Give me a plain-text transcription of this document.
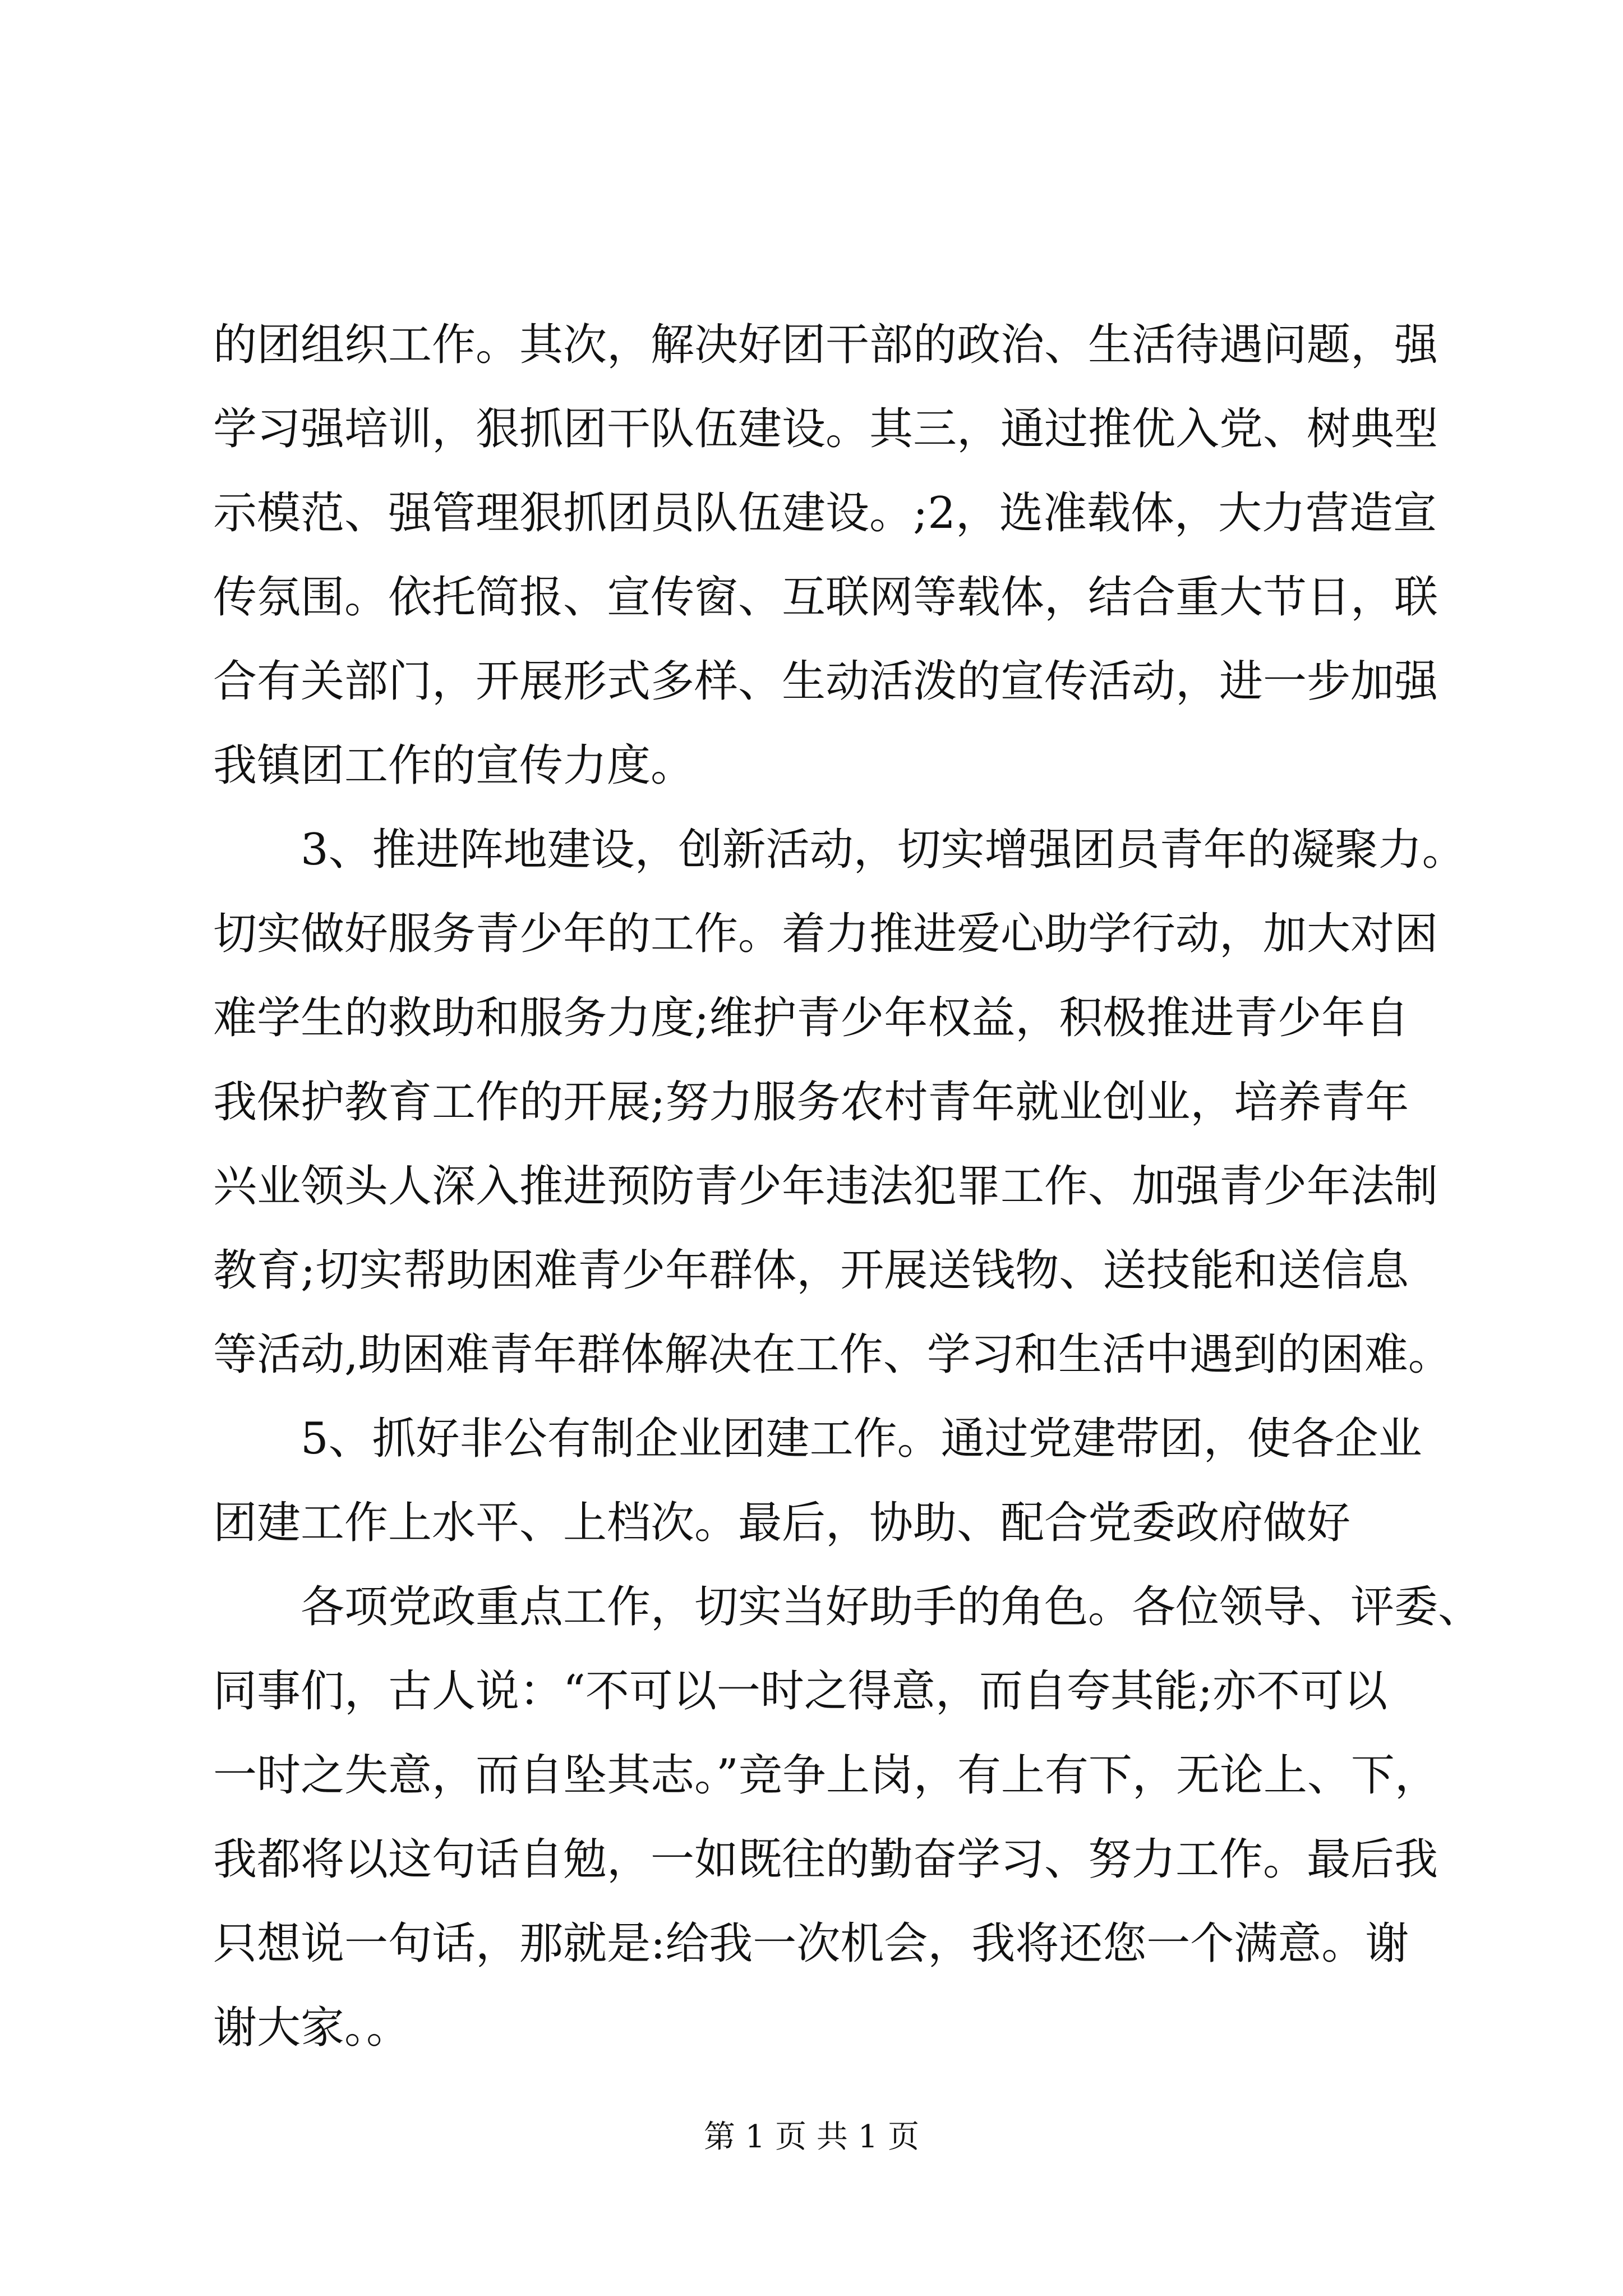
的团组织工作。其次，解决好团干部的政治、生活待遇问题，强
学习强培训，狠抓团干队伍建设。其三，通过推优入党、树典型
示模范、强管理狠抓团员队伍建设。;2，选准载体，大力营造宣
传氛围。依托简报、宣传窗、互联网等载体，结合重大节日，联
合有关部门，开展形式多样、生动活泼的宣传活动，进一步加强
我镇团工作的宣传力度。
　　3、推进阵地建设，创新活动，切实增强团员青年的凝聚力。
切实做好服务青少年的工作。着力推进爱心助学行动，加大对困
难学生的救助和服务力度;维护青少年权益，积极推进青少年自
我保护教育工作的开展;努力服务农村青年就业创业，培养青年
兴业领头人深入推进预防青少年违法犯罪工作、加强青少年法制
教育;切实帮助困难青少年群体，开展送钱物、送技能和送信息
等活动,助困难青年群体解决在工作、学习和生活中遇到的困难。
　　5、抓好非公有制企业团建工作。通过党建带团，使各企业
团建工作上水平、上档次。最后，协助、配合党委政府做好
　　各项党政重点工作，切实当好助手的角色。各位领导、评委、
同事们，古人说：“不可以一时之得意，而自夸其能;亦不可以
一时之失意，而自坠其志。”竞争上岗，有上有下，无论上、下，
我都将以这句话自勉，一如既往的勤奋学习、努力工作。最后我
只想说一句话，那就是:给我一次机会，我将还您一个满意。谢
谢大家。。
第 1 页 共 1 页
